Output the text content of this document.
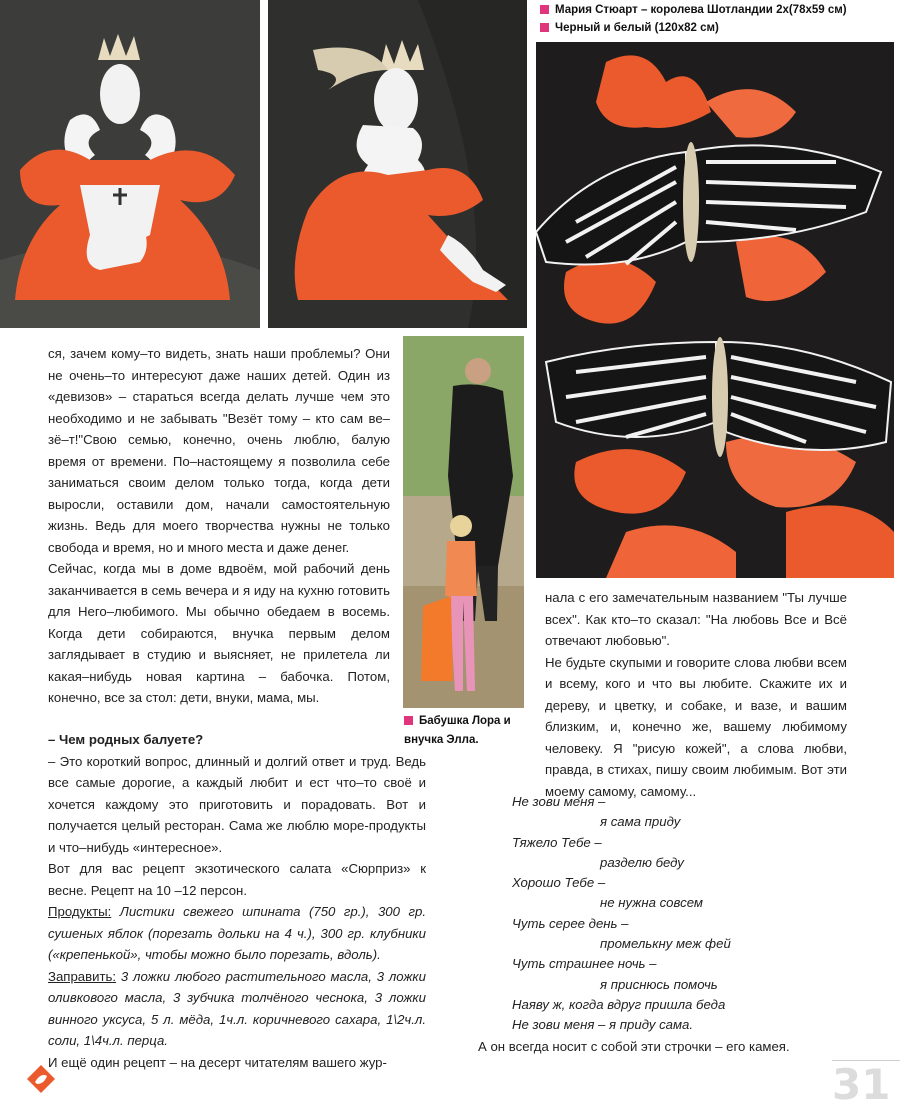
Мария Стюарт – королева Шотландии 2х(78х59 см)
Черный и белый (120х82 см)
Бабушка Лора и внучка Элла.

ся, зачем кому–то видеть, знать наши проблемы? Они не очень–то интересуют даже наших детей. Один из «девизов» – стараться всегда делать лучше чем это необходимо и не забывать "Везёт тому – кто сам ве–зё–т!"Свою семью, конечно, очень люблю, балую время от времени. По–настоящему я позволила себе заниматься своим делом только тогда, когда дети выросли, оставили дом, начали самостоятельную жизнь. Ведь для моего творчества нужны не только свобода и время, но и много места и даже денег.

Сейчас, когда мы в доме вдвоём, мой рабочий день заканчивается в семь вечера и я иду на кухню готовить для Него–любимого. Мы обычно обедаем в восемь. Когда дети собираются, внучка первым делом заглядывает в студию и выясняет, не прилетела ли какая–нибудь новая картина – бабочка. Потом, конечно, все за стол: дети, внуки, мама, мы.

– Чем родных балуете?

– Это короткий вопрос, длинный и долгий ответ и труд. Ведь все самые дорогие, а каждый любит и ест что–то своё и хочется каждому это приготовить и порадовать. Вот и получается целый ресторан. Сама же люблю море-продукты и что–нибудь «интересное».

Вот для вас рецепт экзотического салата «Сюрприз» к весне. Рецепт на 10 –12 персон.

Продукты: Листики свежего шпината (750 гр.), 300 гр. сушеных яблок (порезать дольки на 4 ч.), 300 гр. клубники («крепенькой», чтобы можно было порезать, вдоль).

Заправить: 3 ложки любого растительного масла, 3 ложки оливкового масла, 3 зубчика толчёного чеснока, 3 ложки винного уксуса, 5 л. мёда, 1ч.л. коричневого сахара, 1\2ч.л. соли, 1\4ч.л. перца.

И ещё один рецепт – на десерт читателям вашего жур-

нала с его замечательным названием "Ты лучше всех". Как кто–то сказал: "На любовь Все и Всё отвечают любовью".

Не будьте скупыми и говорите слова любви всем и всему, кого и что вы любите. Скажите их и дереву, и цветку, и собаке, и вазе, и вашим близким, и, конечно же, вашему любимому человеку. Я "рисую кожей", а слова любви, правда, в стихах, пишу своим любимым. Вот эти моему самому, самому...

Не зови меня –
я сама приду
Тяжело Тебе –
разделю беду
Хорошо Тебе –
не нужна совсем
Чуть серее день –
промелькну меж фей
Чуть страшнее ночь –
я приснюсь помочь
Наяву ж, когда вдруг пришла беда
Не зови меня – я приду сама.

А он всегда носит с собой эти строчки – его камея.

31
